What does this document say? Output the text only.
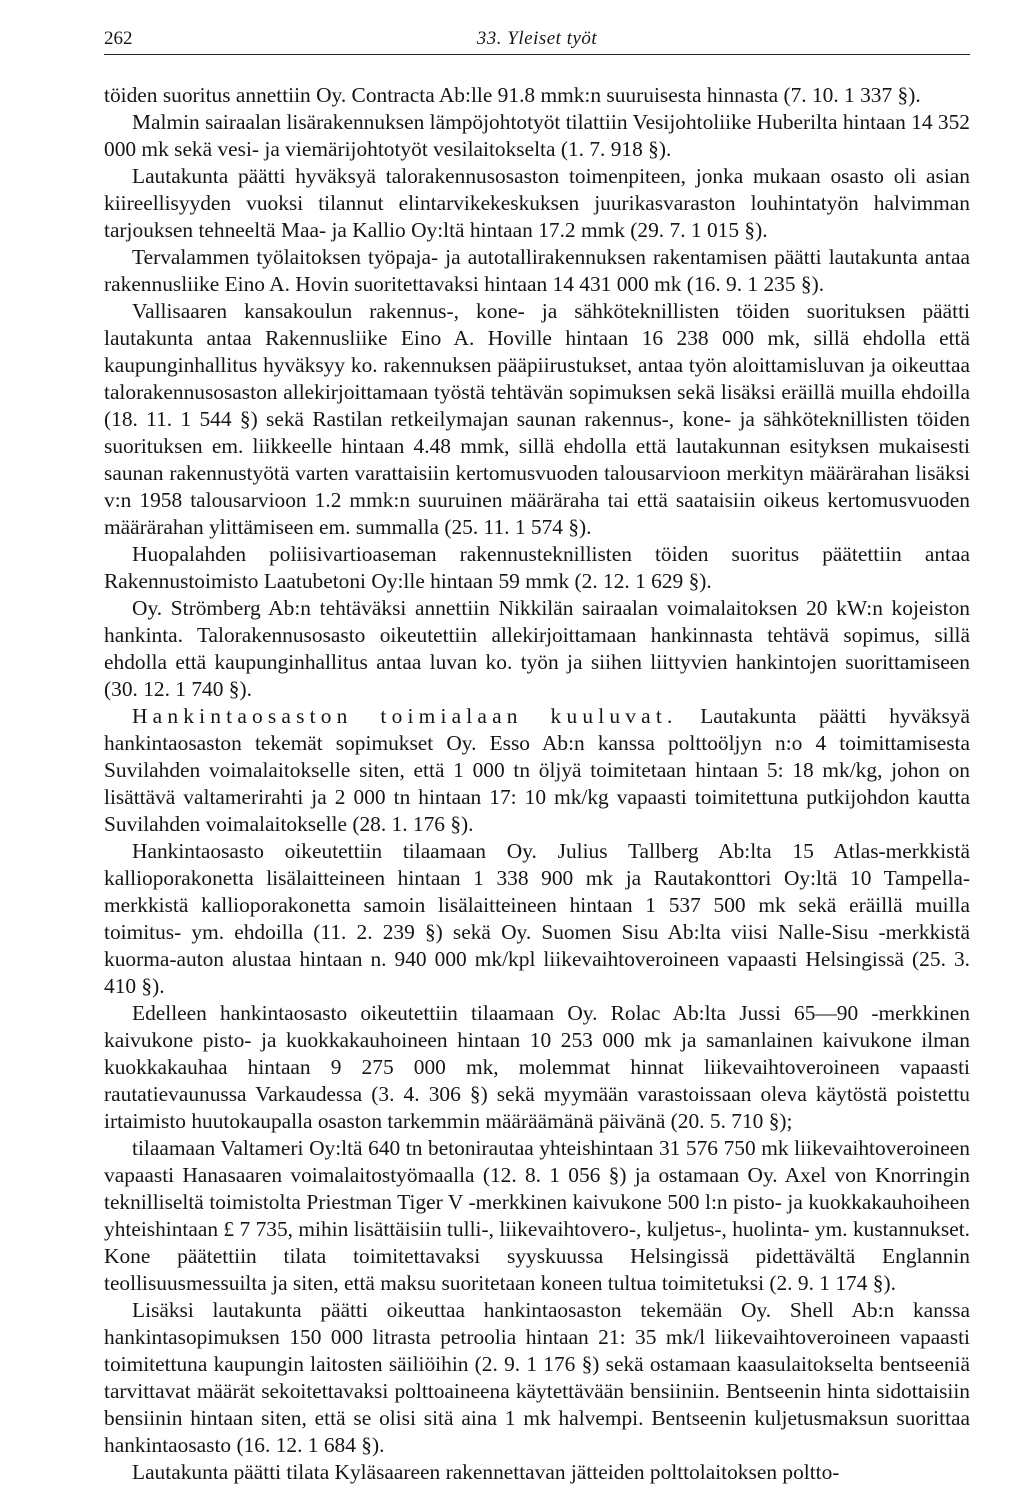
262	33. Yleiset työt

töiden suoritus annettiin Oy. Contracta Ab:lle 91.8 mmk:n suuruisesta hinnasta (7. 10. 1 337 §).

Malmin sairaalan lisärakennuksen lämpöjohtotyöt tilattiin Vesijohtoliike Huberilta hintaan 14 352 000 mk sekä vesi- ja viemärijohtotyöt vesilaitokselta (1. 7. 918 §).

Lautakunta päätti hyväksyä talorakennusosaston toimenpiteen, jonka mukaan osasto oli asian kiireellisyyden vuoksi tilannut elintarvikekeskuksen juurikasvaraston louhintatyön halvimman tarjouksen tehneeltä Maa- ja Kallio Oy:ltä hintaan 17.2 mmk (29. 7. 1 015 §).

Tervalammen työlaitoksen työpaja- ja autotallirakennuksen rakentamisen päätti lautakunta antaa rakennusliike Eino A. Hovin suoritettavaksi hintaan 14 431 000 mk (16. 9. 1 235 §).

Vallisaaren kansakoulun rakennus-, kone- ja sähköteknillisten töiden suorituksen päätti lautakunta antaa Rakennusliike Eino A. Hoville hintaan 16 238 000 mk, sillä ehdolla että kaupunginhallitus hyväksyy ko. rakennuksen pääpiirustukset, antaa työn aloittamisluvan ja oikeuttaa talorakennusosaston allekirjoittamaan työstä tehtävän sopimuksen sekä lisäksi eräillä muilla ehdoilla (18. 11. 1 544 §) sekä Rastilan retkeilymajan saunan rakennus-, kone- ja sähköteknillisten töiden suorituksen em. liikkeelle hintaan 4.48 mmk, sillä ehdolla että lautakunnan esityksen mukaisesti saunan rakennustyötä varten varattaisiin kertomusvuoden talousarvioon merkityn määrärahan lisäksi v:n 1958 talousarvioon 1.2 mmk:n suuruinen määräraha tai että saataisiin oikeus kertomusvuoden määrärahan ylittämiseen em. summalla (25. 11. 1 574 §).

Huopalahden poliisivartioaseman rakennusteknillisten töiden suoritus päätettiin antaa Rakennustoimisto Laatubetoni Oy:lle hintaan 59 mmk (2. 12. 1 629 §).

Oy. Strömberg Ab:n tehtäväksi annettiin Nikkilän sairaalan voimalaitoksen 20 kW:n kojeiston hankinta. Talorakennusosasto oikeutettiin allekirjoittamaan hankinnasta tehtävä sopimus, sillä ehdolla että kaupunginhallitus antaa luvan ko. työn ja siihen liittyvien hankintojen suorittamiseen (30. 12. 1 740 §).

Hankintaosaston toimialaan kuuluvat. Lautakunta päätti hyväksyä hankintaosaston tekemät sopimukset Oy. Esso Ab:n kanssa polttoöljyn n:o 4 toimittamisesta Suvilahden voimalaitokselle siten, että 1 000 tn öljyä toimitetaan hintaan 5: 18 mk/kg, johon on lisättävä valtamerirahti ja 2 000 tn hintaan 17: 10 mk/kg vapaasti toimitettuna putkijohdon kautta Suvilahden voimalaitokselle (28. 1. 176 §).

Hankintaosasto oikeutettiin tilaamaan Oy. Julius Tallberg Ab:lta 15 Atlas-merkkistä kallioporakonetta lisälaitteineen hintaan 1 338 900 mk ja Rautakonttori Oy:ltä 10 Tampella-merkkistä kallioporakonetta samoin lisälaitteineen hintaan 1 537 500 mk sekä eräillä muilla toimitus- ym. ehdoilla (11. 2. 239 §) sekä Oy. Suomen Sisu Ab:lta viisi Nalle-Sisu -merkkistä kuorma-auton alustaa hintaan n. 940 000 mk/kpl liikevaihtoveroineen vapaasti Helsingissä (25. 3. 410 §).

Edelleen hankintaosasto oikeutettiin tilaamaan Oy. Rolac Ab:lta Jussi 65—90 -merkkinen kaivukone pisto- ja kuokkakauhoineen hintaan 10 253 000 mk ja samanlainen kaivukone ilman kuokkakauhaa hintaan 9 275 000 mk, molemmat hinnat liikevaihtoveroineen vapaasti rautatievaunussa Varkaudessa (3. 4. 306 §) sekä myymään varastoissaan oleva käytöstä poistettu irtaimisto huutokaupalla osaston tarkemmin määräämänä päivänä (20. 5. 710 §);

tilaamaan Valtameri Oy:ltä 640 tn betonirautaa yhteishintaan 31 576 750 mk liikevaihtoveroineen vapaasti Hanasaaren voimalaitostyömaalla (12. 8. 1 056 §) ja ostamaan Oy. Axel von Knorringin teknilliseltä toimistolta Priestman Tiger V -merkkinen kaivukone 500 l:n pisto- ja kuokkakauhoiheen yhteishintaan £ 7 735, mihin lisättäisiin tulli-, liikevaihtovero-, kuljetus-, huolinta- ym. kustannukset. Kone päätettiin tilata toimitettavaksi syyskuussa Helsingissä pidettävältä Englannin teollisuusmessuilta ja siten, että maksu suoritetaan koneen tultua toimitetuksi (2. 9. 1 174 §).

Lisäksi lautakunta päätti oikeuttaa hankintaosaston tekemään Oy. Shell Ab:n kanssa hankintasopimuksen 150 000 litrasta petroolia hintaan 21: 35 mk/l liikevaihtoveroineen vapaasti toimitettuna kaupungin laitosten säiliöihin (2. 9. 1 176 §) sekä ostamaan kaasulaitokselta bentseeniä tarvittavat määrät sekoitettavaksi polttoaineena käytettävään bensiiniin. Bentseenin hinta sidottaisiin bensiinin hintaan siten, että se olisi sitä aina 1 mk halvempi. Bentseenin kuljetusmaksun suorittaa hankintaosasto (16. 12. 1 684 §).

Lautakunta päätti tilata Kyläsaareen rakennettavan jätteiden polttolaitoksen poltto-
